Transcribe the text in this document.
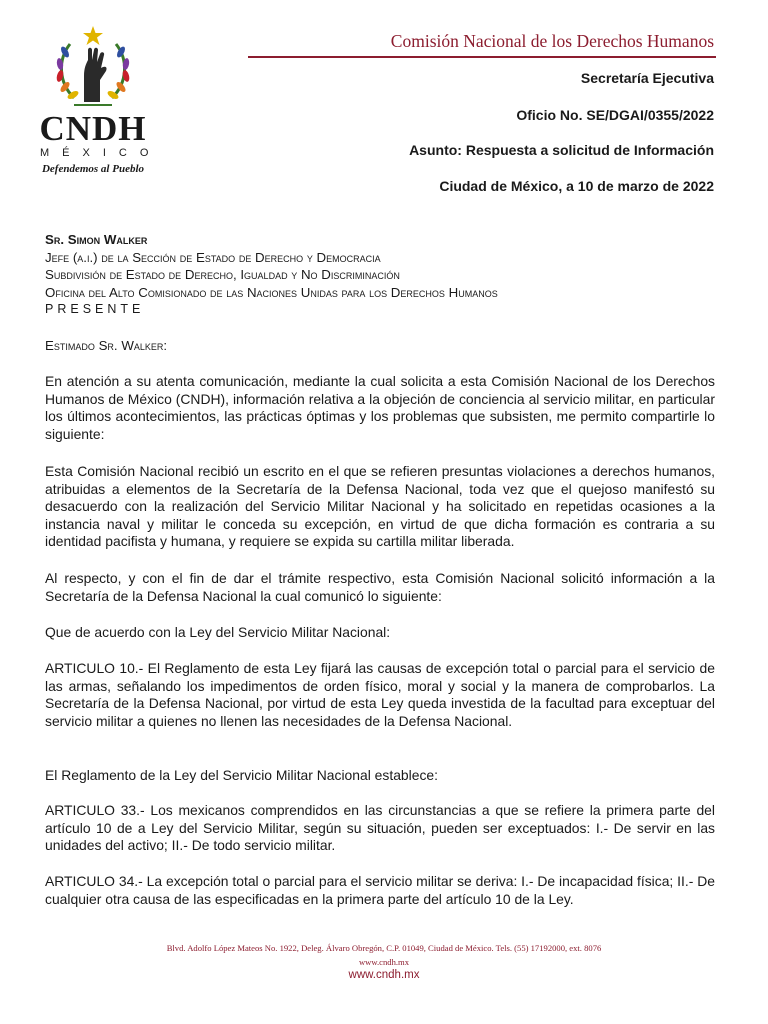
CNDH
MÉXICO
Defendemos al Pueblo
Comisión Nacional de los Derechos Humanos
Secretaría Ejecutiva
Oficio No. SE/DGAI/0355/2022
Asunto: Respuesta a solicitud de Información
Ciudad de México, a 10 de marzo de 2022
Sr. Simon Walker
Jefe (a.i.) de la Sección de Estado de Derecho y Democracia
Subdivisión de Estado de Derecho, Igualdad y No Discriminación
Oficina del Alto Comisionado de las Naciones Unidas para los Derechos Humanos
PRESENTE
Estimado Sr. Walker:
En atención a su atenta comunicación, mediante la cual solicita a esta Comisión Nacional de los Derechos Humanos de México (CNDH), información relativa a la objeción de conciencia al servicio militar, en particular los últimos acontecimientos, las prácticas óptimas y los problemas que subsisten, me permito compartirle lo siguiente:
Esta Comisión Nacional recibió un escrito en el que se refieren presuntas violaciones a derechos humanos, atribuidas a elementos de la Secretaría de la Defensa Nacional, toda vez que el quejoso manifestó su desacuerdo con la realización del Servicio Militar Nacional y ha solicitado en repetidas ocasiones a la instancia naval y militar le conceda su excepción, en virtud de que dicha formación es contraria a su identidad pacifista y humana, y requiere se expida su cartilla militar liberada.
Al respecto, y con el fin de dar el trámite respectivo, esta Comisión Nacional solicitó información a la Secretaría de la Defensa Nacional la cual comunicó lo siguiente:
Que de acuerdo con la Ley del Servicio Militar Nacional:
ARTICULO 10.- El Reglamento de esta Ley fijará las causas de excepción total o parcial para el servicio de las armas, señalando los impedimentos de orden físico, moral y social y la manera de comprobarlos. La Secretaría de la Defensa Nacional, por virtud de esta Ley queda investida de la facultad para exceptuar del servicio militar a quienes no llenen las necesidades de la Defensa Nacional.
El Reglamento de la Ley del Servicio Militar Nacional establece:
ARTICULO 33.- Los mexicanos comprendidos en las circunstancias a que se refiere la primera parte del artículo 10 de a Ley del Servicio Militar, según su situación, pueden ser exceptuados: I.- De servir en las unidades del activo; II.- De todo servicio militar.
ARTICULO 34.- La excepción total o parcial para el servicio militar se deriva: I.- De incapacidad física; II.- De cualquier otra causa de las especificadas en la primera parte del artículo 10 de la Ley.
Blvd. Adolfo López Mateos No. 1922, Deleg. Álvaro Obregón, C.P. 01049, Ciudad de México. Tels. (55) 17192000, ext. 8076
www.cndh.mx
www.cndh.mx
